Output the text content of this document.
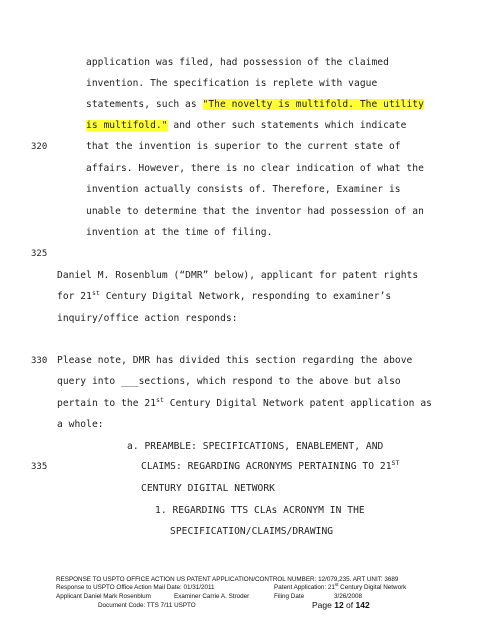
application was filed, had possession of the claimed
invention. The specification is replete with vague
statements, such as "The novelty is multifold. The utility
is multifold." and other such statements which indicate
320	that the invention is superior to the current state of
affairs. However, there is no clear indication of what the
invention actually consists of. Therefore, Examiner is
unable to determine that the inventor had possession of an
invention at the time of filing.
325
Daniel M. Rosenblum (“DMR” below), applicant for patent rights
for 21st Century Digital Network, responding to examiner’s
inquiry/office action responds:
330 Please note, DMR has divided this section regarding the above
query into ___sections, which respond to the above but also
pertain to the 21st Century Digital Network patent application as
a whole:
a. PREAMBLE: SPECIFICATIONS, ENABLEMENT, AND
335	CLAIMS: REGARDING ACRONYMS PERTAINING TO 21ST
CENTURY DIGITAL NETWORK
1. REGARDING TTS CLAs ACRONYM IN THE
SPECIFICATION/CLAIMS/DRAWING
RESPONSE TO USPTO OFFICE ACTION US PATENT APPLICATION/CONTROL NUMBER: 12/079,235. ART UNIT: 3689
Response to USPTO Office Action Mail Date: 01/31/2011	Patent Application: 21st Century Digital Network
Applicant Daniel Mark Rosenblum	Examiner Carrie A. Stroder	Filing Date	3/26/2008
Document Code: TTS 7/11 USPTO	Page 12 of 142
